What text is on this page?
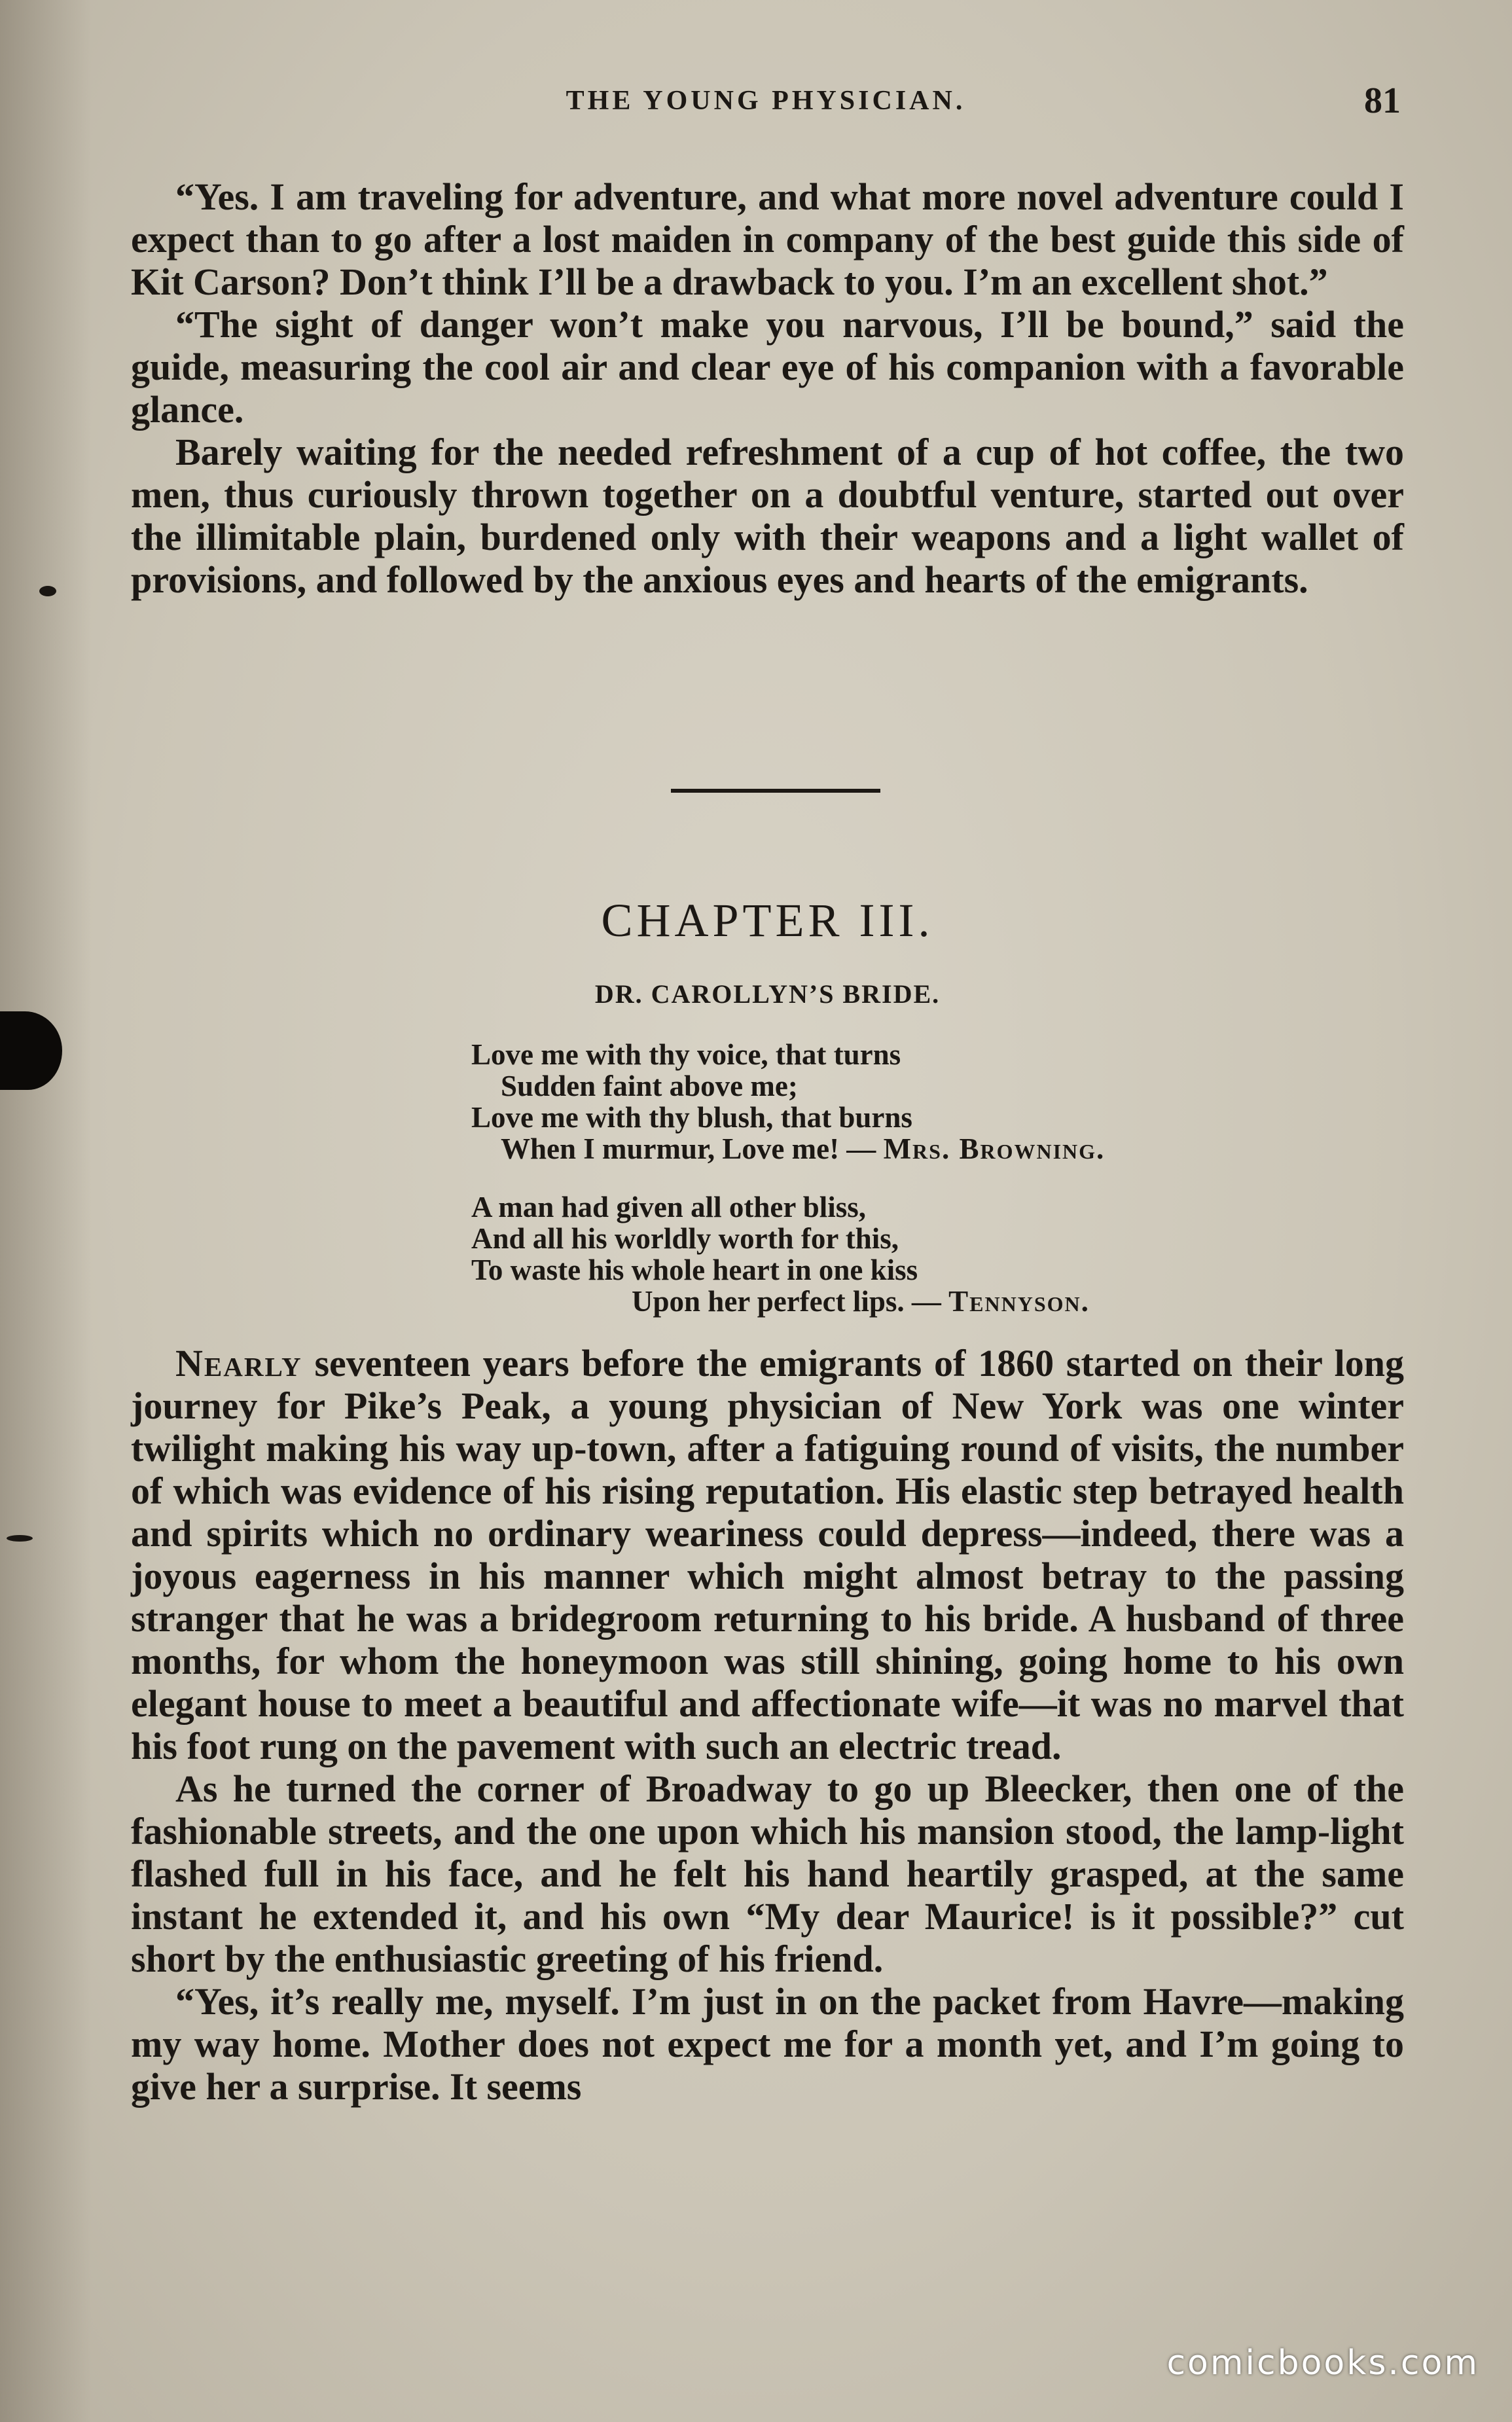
THE YOUNG PHYSICIAN.	81

“Yes. I am traveling for adventure, and what more novel adventure could I expect than to go after a lost maiden in company of the best guide this side of Kit Carson? Don’t think I’ll be a drawback to you. I’m an excellent shot.”

“The sight of danger won’t make you narvous, I’ll be bound,” said the guide, measuring the cool air and clear eye of his companion with a favorable glance.

Barely waiting for the needed refreshment of a cup of hot coffee, the two men, thus curiously thrown together on a doubtful venture, started out over the illimitable plain, burdened only with their weapons and a light wallet of provisions, and followed by the anxious eyes and hearts of the emigrants.

CHAPTER III.
DR. CAROLLYN’S BRIDE.
Love me with thy voice, that turns
Sudden faint above me;
Love me with thy blush, that burns
When I murmur, Love me! — Mrs. Browning.
A man had given all other bliss,
And all his worldly worth for this,
To waste his whole heart in one kiss
Upon her perfect lips. — Tennyson.

Nearly seventeen years before the emigrants of 1860 started on their long journey for Pike’s Peak, a young physician of New York was one winter twilight making his way up-town, after a fatiguing round of visits, the number of which was evidence of his rising reputation. His elastic step betrayed health and spirits which no ordinary weariness could depress—indeed, there was a joyous eagerness in his manner which might almost betray to the passing stranger that he was a bridegroom returning to his bride. A husband of three months, for whom the honeymoon was still shining, going home to his own elegant house to meet a beautiful and affectionate wife—it was no marvel that his foot rung on the pavement with such an electric tread.

As he turned the corner of Broadway to go up Bleecker, then one of the fashionable streets, and the one upon which his mansion stood, the lamp-light flashed full in his face, and he felt his hand heartily grasped, at the same instant he extended it, and his own “My dear Maurice! is it possible?” cut short by the enthusiastic greeting of his friend.

“Yes, it’s really me, myself. I’m just in on the packet from Havre—making my way home. Mother does not expect me for a month yet, and I’m going to give her a surprise. It seems

comicbooks.com
